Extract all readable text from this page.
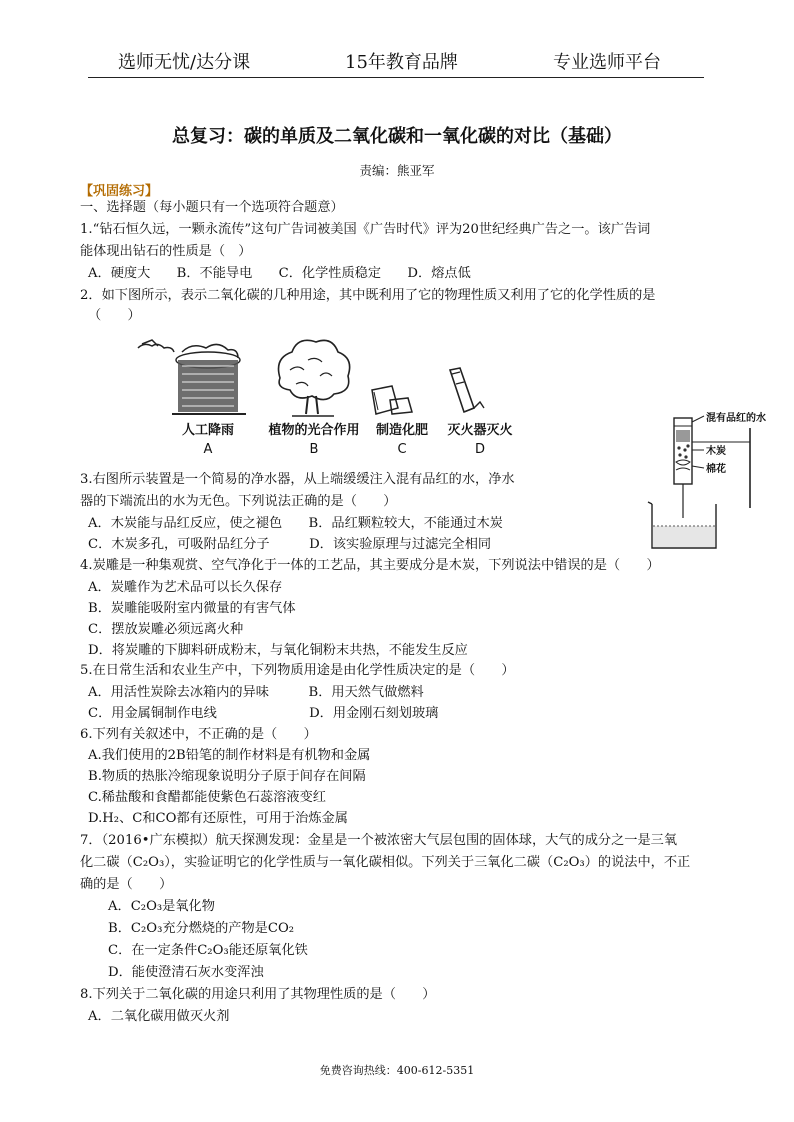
选师无忧/达分课	15年教育品牌	专业选师平台
总复习：碳的单质及二氧化碳和一氧化碳的对比（基础）
责编：熊亚军
【巩固练习】
一、选择题（每小题只有一个选项符合题意）
1.“钻石恒久远，一颗永流传”这句广告词被美国《广告时代》评为20世纪经典广告之一。该广告词
能体现出钻石的性质是（　）
A．硬度大　　B．不能导电　　C．化学性质稳定　　D．熔点低
2．如下图所示，表示二氧化碳的几种用途，其中既利用了它的物理性质又利用了它的化学性质的是
（　　）
人工降雨	植物的光合作用 制造化肥 灭火器灭火
A	B	C	D
混有品红的水
木炭
棉花
3.右图所示装置是一个简易的净水器，从上端缓缓注入混有品红的水，净水
器的下端流出的水为无色。下列说法正确的是（　　）
A．木炭能与品红反应，使之褪色　　B．品红颗粒较大，不能通过木炭
C．木炭多孔，可吸附品红分子　　　D．该实验原理与过滤完全相同
4.炭雕是一种集观赏、空气净化于一体的工艺品，其主要成分是木炭，下列说法中错误的是（　　）
A．炭雕作为艺术品可以长久保存
B．炭雕能吸附室内微量的有害气体
C．摆放炭雕必须远离火种
D．将炭雕的下脚料研成粉末，与氧化铜粉末共热，不能发生反应
5.在日常生活和农业生产中，下列物质用途是由化学性质决定的是（　　）
A．用活性炭除去冰箱内的异味　　　B．用天然气做燃料
C．用金属铜制作电线　　　　　　　D．用金刚石刻划玻璃
6.下列有关叙述中，不正确的是（　　）
A.我们使用的2B铅笔的制作材料是有机物和金属
B.物质的热胀冷缩现象说明分子原于间存在间隔
C.稀盐酸和食醋都能使紫色石蕊溶液变红
D.H₂、C和CO都有还原性，可用于治炼金属
7．（2016•广东模拟）航天探测发现：金星是一个被浓密大气层包围的固体球，大气的成分之一是三氧
化二碳（C₂O₃），实验证明它的化学性质与一氧化碳相似。下列关于三氧化二碳（C₂O₃）的说法中，不正
确的是（　　）
A．C₂O₃是氧化物
B．C₂O₃充分燃烧的产物是CO₂
C．在一定条件C₂O₃能还原氧化铁
D．能使澄清石灰水变浑浊
8.下列关于二氧化碳的用途只利用了其物理性质的是（　　）
A．二氧化碳用做灭火剂
免费咨询热线：400-612-5351
